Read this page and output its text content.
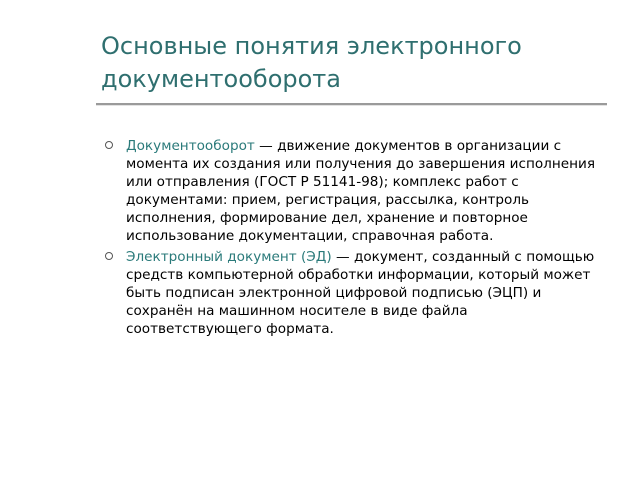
Основные понятия электронного документооборота
Документооборот — движение документов в организации с момента их создания или получения до завершения исполнения или отправления (ГОСТ Р 51141-98); комплекс работ с документами: прием, регистрация, рассылка, контроль исполнения, формирование дел, хранение и повторное использование документации, справочная работа.
Электронный документ (ЭД) — документ, созданный с помощью средств компьютерной обработки информации, который может быть подписан электронной цифровой подписью (ЭЦП) и сохранён на машинном носителе в виде файла соответствующего формата.
